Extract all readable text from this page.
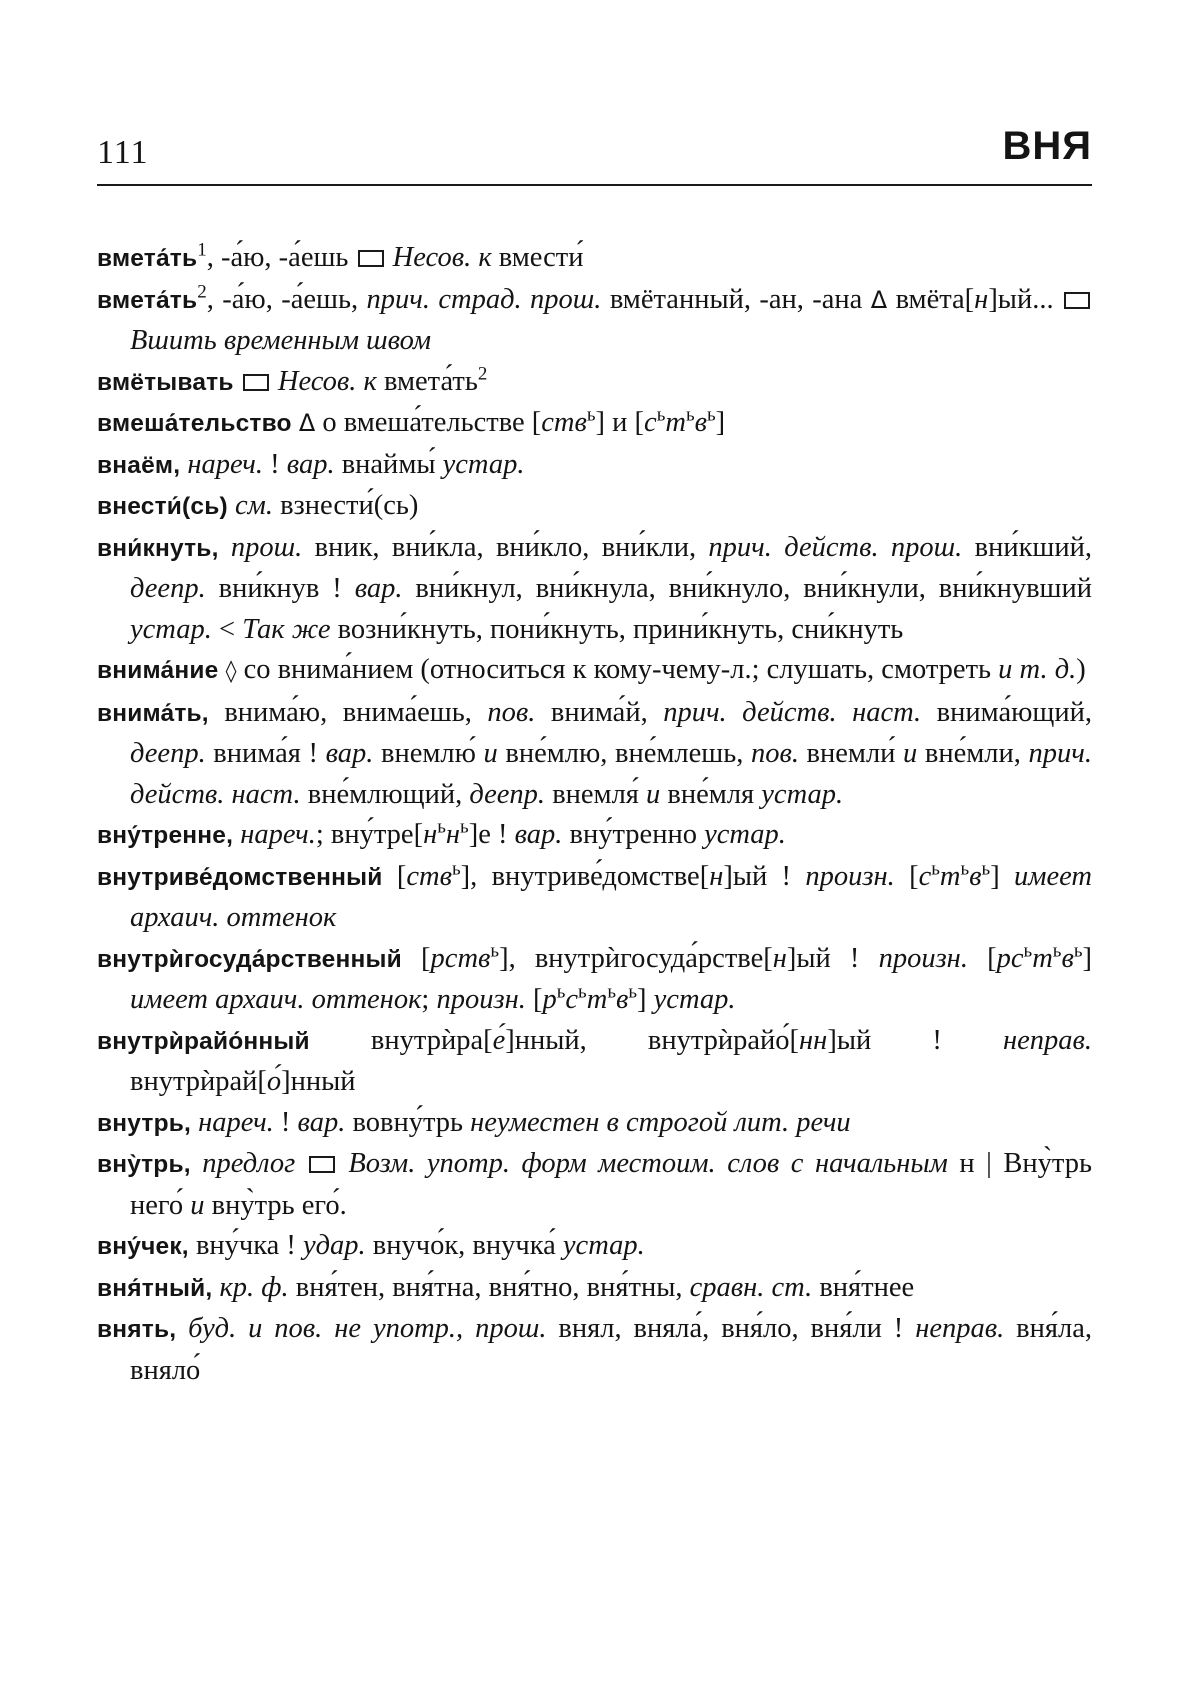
111	ВНЯ

$вмета́ть^1$, -а́ю, -а́ешь  Несов. к вмести́

$вмета́ть^2$, -а́ю, -а́ешь, прич. страд. прош. вмётанный, -ан, -ана Δ вмёта[н]ый...  Вшить временным швом

вмётывать  Несов. к $вмета́ть^2$

вмеша́тельство Δ о вмеша́тельстве [ств$^ь$] и $[с^ьт^ьв^ь]$

внаём, нареч. ! вар. внаймы́ устар.

внести́(сь) см. взнести́(сь)

вни́кнуть, прош. вник, вни́кла, вни́кло, вни́кли, прич. действ. прош. вни́кший, деепр. вни́кнув ! вар. вни́кнул, вни́кнула, вни́кнуло, вни́кнули, вни́кнувший устар. < Так же возни́кнуть, пони́кнуть, прини́кнуть, сни́кнуть

внима́ние ◊ со внима́нием (относиться к кому-чему-л.; слушать, смотреть и т. д.)

внима́ть, внима́ю, внима́ешь, пов. внима́й, прич. действ. наст. внима́ющий, деепр. внима́я ! вар. внемлю́ и вне́млю, вне́млешь, пов. внемли́ и вне́мли, прич. действ. наст. вне́млющий, деепр. внемля́ и вне́мля устар.

вну́тренне, нареч.; $вну́тре[н^ьн^ь]е$ ! вар. вну́тренно устар.

внутриве́домственный [ств$^ь$], внутриве́домстве[н]ый ! произн. $[с^ьт^ьв^ь]$ имеет архаич. оттенок

внутрѝгосуда́рственный [рств$^ь$], внутрѝгосуда́рстве[н]ый ! произн. $[рс^ьт^ьв^ь]$ имеет архаич. оттенок; произн. $[р^ьс^ьт^ьв^ь]$ устар.

внутрѝрайо́нный внутрѝра[е́]нный, внутрѝрайо́[нн]ый ! неправ. внутрѝрай[о́]нный

внутрь, нареч. ! вар. вовну́трь неуместен в строгой лит. речи

вну̀трь, предлог  Возм. употр. форм местоим. слов с начальным н | Вну̀трь него́ и вну̀трь его́.

вну́чек, вну́чка ! удар. внучо́к, внучка́ устар.

вня́тный, кр. ф. вня́тен, вня́тна, вня́тно, вня́тны, сравн. ст. вня́тнее

внять, буд. и пов. не употр., прош. внял, вняла́, вня́ло, вня́ли ! неправ. вня́ла, вняло́
